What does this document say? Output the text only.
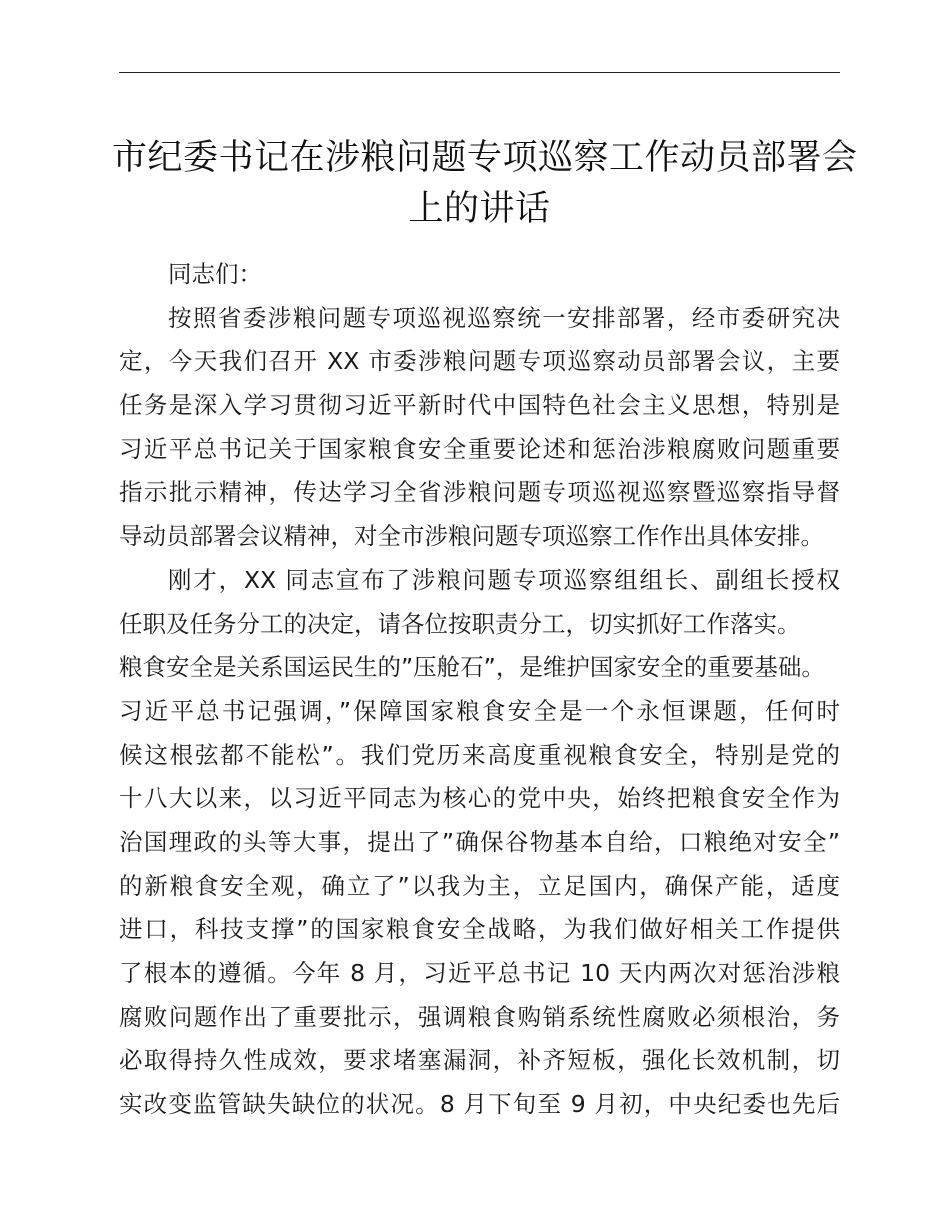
市纪委书记在涉粮问题专项巡察工作动员部署会
上的讲话
同志们：
按照省委涉粮问题专项巡视巡察统一安排部署，经市委研究决
定，今天我们召开 XX 市委涉粮问题专项巡察动员部署会议，主要
任务是深入学习贯彻习近平新时代中国特色社会主义思想，特别是
习近平总书记关于国家粮食安全重要论述和惩治涉粮腐败问题重要
指示批示精神，传达学习全省涉粮问题专项巡视巡察暨巡察指导督
导动员部署会议精神，对全市涉粮问题专项巡察工作作出具体安排。
刚才，XX 同志宣布了涉粮问题专项巡察组组长、副组长授权
任职及任务分工的决定，请各位按职责分工，切实抓好工作落实。
粮食安全是关系国运民生的”压舱石”，是维护国家安全的重要基础。
习近平总书记强调，”保障国家粮食安全是一个永恒课题，任何时
候这根弦都不能松”。我们党历来高度重视粮食安全，特别是党的
十八大以来，以习近平同志为核心的党中央，始终把粮食安全作为
治国理政的头等大事，提出了”确保谷物基本自给，口粮绝对安全”
的新粮食安全观，确立了”以我为主，立足国内，确保产能，适度
进口，科技支撑”的国家粮食安全战略，为我们做好相关工作提供
了根本的遵循。今年 8 月，习近平总书记 10 天内两次对惩治涉粮
腐败问题作出了重要批示，强调粮食购销系统性腐败必须根治，务
必取得持久性成效，要求堵塞漏洞，补齐短板，强化长效机制，切
实改变监管缺失缺位的状况。8 月下旬至 9 月初，中央纪委也先后
